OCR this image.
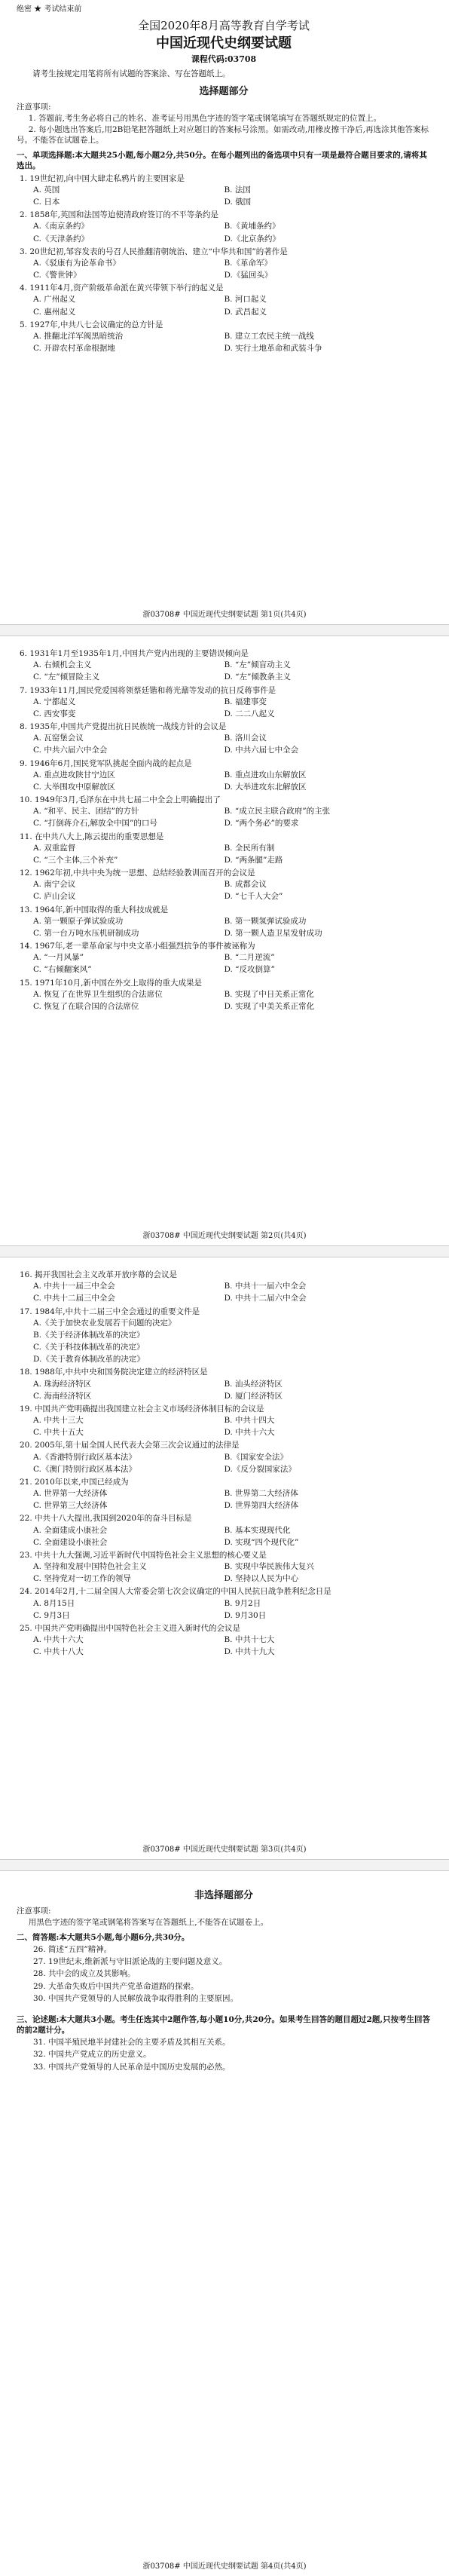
绝密 ★ 考试结束前
全国2020年8月高等教育自学考试
中国近现代史纲要试题
课程代码:03708
请考生按规定用笔将所有试题的答案涂、写在答题纸上。
选择题部分
注意事项:
1. 答题前,考生务必将自己的姓名、准考证号用黑色字迹的签字笔或钢笔填写在答题纸规定的位置上。
2. 每小题选出答案后,用2B铅笔把答题纸上对应题目的答案标号涂黑。如需改动,用橡皮擦干净后,再选涂其他答案标号。不能答在试题卷上。
一、单项选择题:本大题共25小题,每小题2分,共50分。在每小题列出的备选项中只有一项是最符合题目要求的,请将其选出。
1. 19世纪初,向中国大肆走私鸦片的主要国家是
A. 英国	B. 法国
C. 日本	D. 俄国
2. 1858年,英国和法国等迫使清政府签订的不平等条约是
A.《南京条约》	B.《黄埔条约》
C.《天津条约》	D.《北京条约》
3. 20世纪初,邹容发表的号召人民推翻清朝统治、建立“中华共和国”的著作是
A.《驳康有为论革命书》	B.《革命军》
C.《警世钟》	D.《猛回头》
4. 1911年4月,资产阶级革命派在黄兴带领下举行的起义是
A. 广州起义	B. 河口起义
C. 惠州起义	D. 武昌起义
5. 1927年,中共八七会议确定的总方针是
A. 推翻北洋军阀黑暗统治	B. 建立工农民主统一战线
C. 开辟农村革命根据地	D. 实行土地革命和武装斗争
浙03708# 中国近现代史纲要试题 第1页(共4页)
6. 1931年1月至1935年1月,中国共产党内出现的主要错误倾向是
A. 右倾机会主义	B. “左”倾盲动主义
C. “左”倾冒险主义	D. “左”倾教条主义
7. 1933年11月,国民党爱国将领蔡廷锴和蒋光鼐等发动的抗日反蒋事件是
A. 宁都起义	B. 福建事变
C. 西安事变	D. 二二八起义
8. 1935年,中国共产党提出抗日民族统一战线方针的会议是
A. 瓦窑堡会议	B. 洛川会议
C. 中共六届六中全会	D. 中共六届七中全会
9. 1946年6月,国民党军队挑起全面内战的起点是
A. 重点进攻陕甘宁边区	B. 重点进攻山东解放区
C. 大举围攻中原解放区	D. 大举进攻东北解放区
10. 1949年3月,毛泽东在中共七届二中全会上明确提出了
A. “和平、民主、团结”的方针	B. “成立民主联合政府”的主张
C. “打倒蒋介石,解放全中国”的口号	D. “两个务必”的要求
11. 在中共八大上,陈云提出的重要思想是
A. 双重监督	B. 全民所有制
C. “三个主体,三个补充”	D. “两条腿”走路
12. 1962年初,中共中央为统一思想、总结经验教训而召开的会议是
A. 南宁会议	B. 成都会议
C. 庐山会议	D. “七千人大会”
13. 1964年,新中国取得的重大科技成就是
A. 第一颗原子弹试验成功	B. 第一颗氢弹试验成功
C. 第一台万吨水压机研制成功	D. 第一颗人造卫星发射成功
14. 1967年,老一辈革命家与中央文革小组强烈抗争的事件被诬称为
A. “一月风暴”	B. “二月逆流”
C. “右倾翻案风”	D. “反攻倒算”
15. 1971年10月,新中国在外交上取得的重大成果是
A. 恢复了在世界卫生组织的合法席位	B. 实现了中日关系正常化
C. 恢复了在联合国的合法席位	D. 实现了中美关系正常化
浙03708# 中国近现代史纲要试题 第2页(共4页)
16. 揭开我国社会主义改革开放序幕的会议是
A. 中共十一届三中全会	B. 中共十一届六中全会
C. 中共十二届三中全会	D. 中共十二届六中全会
17. 1984年,中共十二届三中全会通过的重要文件是
A.《关于加快农业发展若干问题的决定》
B.《关于经济体制改革的决定》
C.《关于科技体制改革的决定》
D.《关于教育体制改革的决定》
18. 1988年,中共中央和国务院决定建立的经济特区是
A. 珠海经济特区	B. 汕头经济特区
C. 海南经济特区	D. 厦门经济特区
19. 中国共产党明确提出我国建立社会主义市场经济体制目标的会议是
A. 中共十三大	B. 中共十四大
C. 中共十五大	D. 中共十六大
20. 2005年,第十届全国人民代表大会第三次会议通过的法律是
A.《香港特别行政区基本法》	B.《国家安全法》
C.《澳门特别行政区基本法》	D.《反分裂国家法》
21. 2010年以来,中国已经成为
A. 世界第一大经济体	B. 世界第二大经济体
C. 世界第三大经济体	D. 世界第四大经济体
22. 中共十八大提出,我国到2020年的奋斗目标是
A. 全面建成小康社会	B. 基本实现现代化
C. 全面建设小康社会	D. 实现“四个现代化”
23. 中共十九大强调,习近平新时代中国特色社会主义思想的核心要义是
A. 坚持和发展中国特色社会主义	B. 实现中华民族伟大复兴
C. 坚持党对一切工作的领导	D. 坚持以人民为中心
24. 2014年2月,十二届全国人大常委会第七次会议确定的中国人民抗日战争胜利纪念日是
A. 8月15日	B. 9月2日
C. 9月3日	D. 9月30日
25. 中国共产党明确提出中国特色社会主义进入新时代的会议是
A. 中共十六大	B. 中共十七大
C. 中共十八大	D. 中共十九大
浙03708# 中国近现代史纲要试题 第3页(共4页)
非选择题部分
注意事项:
用黑色字迹的签字笔或钢笔将答案写在答题纸上,不能答在试题卷上。
二、简答题:本大题共5小题,每小题6分,共30分。
26. 简述“五四”精神。
27. 19世纪末,维新派与守旧派论战的主要问题及意义。
28. 共中会的成立及其影响。
29. 大革命失败后中国共产党革命道路的探索。
30. 中国共产党领导的人民解放战争取得胜利的主要原因。
三、论述题:本大题共3小题。考生任选其中2题作答,每小题10分,共20分。如果考生回答的题目超过2题,只按考生回答的前2题计分。
31. 中国半殖民地半封建社会的主要矛盾及其相互关系。
32. 中国共产党成立的历史意义。
33. 中国共产党领导的人民革命是中国历史发展的必然。
浙03708# 中国近现代史纲要试题 第4页(共4页)
